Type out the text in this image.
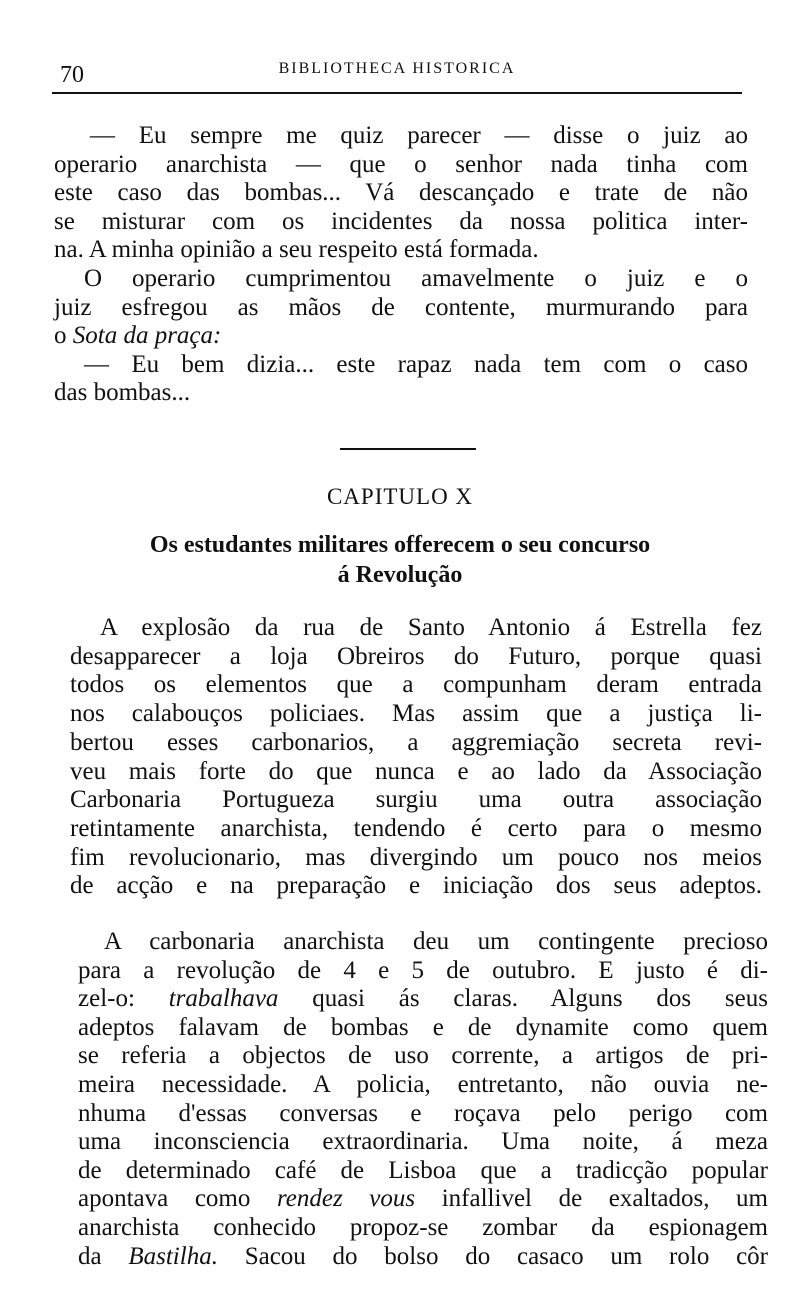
70	BIBLIOTHECA HISTORICA
CAPITULO X
Os estudantes militares offerecem o seu concurso
á Revolução
— Eu sempre me quiz parecer — disse o juiz ao
operario anarchista — que o senhor nada tinha com
este caso das bombas... Vá descançado e trate de não
se misturar com os incidentes da nossa politica inter-
na. A minha opinião a seu respeito está formada.
O operario cumprimentou amavelmente o juiz e o
juiz esfregou as mãos de contente, murmurando para
o Sota da praça:
— Eu bem dizia... este rapaz nada tem com o caso
das bombas...
A explosão da rua de Santo Antonio á Estrella fez
desapparecer a loja Obreiros do Futuro, porque quasi
todos os elementos que a compunham deram entrada
nos calabouços policiaes. Mas assim que a justiça li-
bertou esses carbonarios, a aggremiação secreta revi-
veu mais forte do que nunca e ao lado da Associação
Carbonaria Portugueza surgiu uma outra associação
retintamente anarchista, tendendo é certo para o mesmo
fim revolucionario, mas divergindo um pouco nos meios
de acção e na preparação e iniciação dos seus adeptos.
A carbonaria anarchista deu um contingente precioso
para a revolução de 4 e 5 de outubro. E justo é di-
zel-o: trabalhava quasi ás claras. Alguns dos seus
adeptos falavam de bombas e de dynamite como quem
se referia a objectos de uso corrente, a artigos de pri-
meira necessidade. A policia, entretanto, não ouvia ne-
nhuma d'essas conversas e roçava pelo perigo com
uma inconsciencia extraordinaria. Uma noite, á meza
de determinado café de Lisboa que a tradicção popular
apontava como rendez vous infallivel de exaltados, um
anarchista conhecido propoz-se zombar da espionagem
da Bastilha. Sacou do bolso do casaco um rolo côr
